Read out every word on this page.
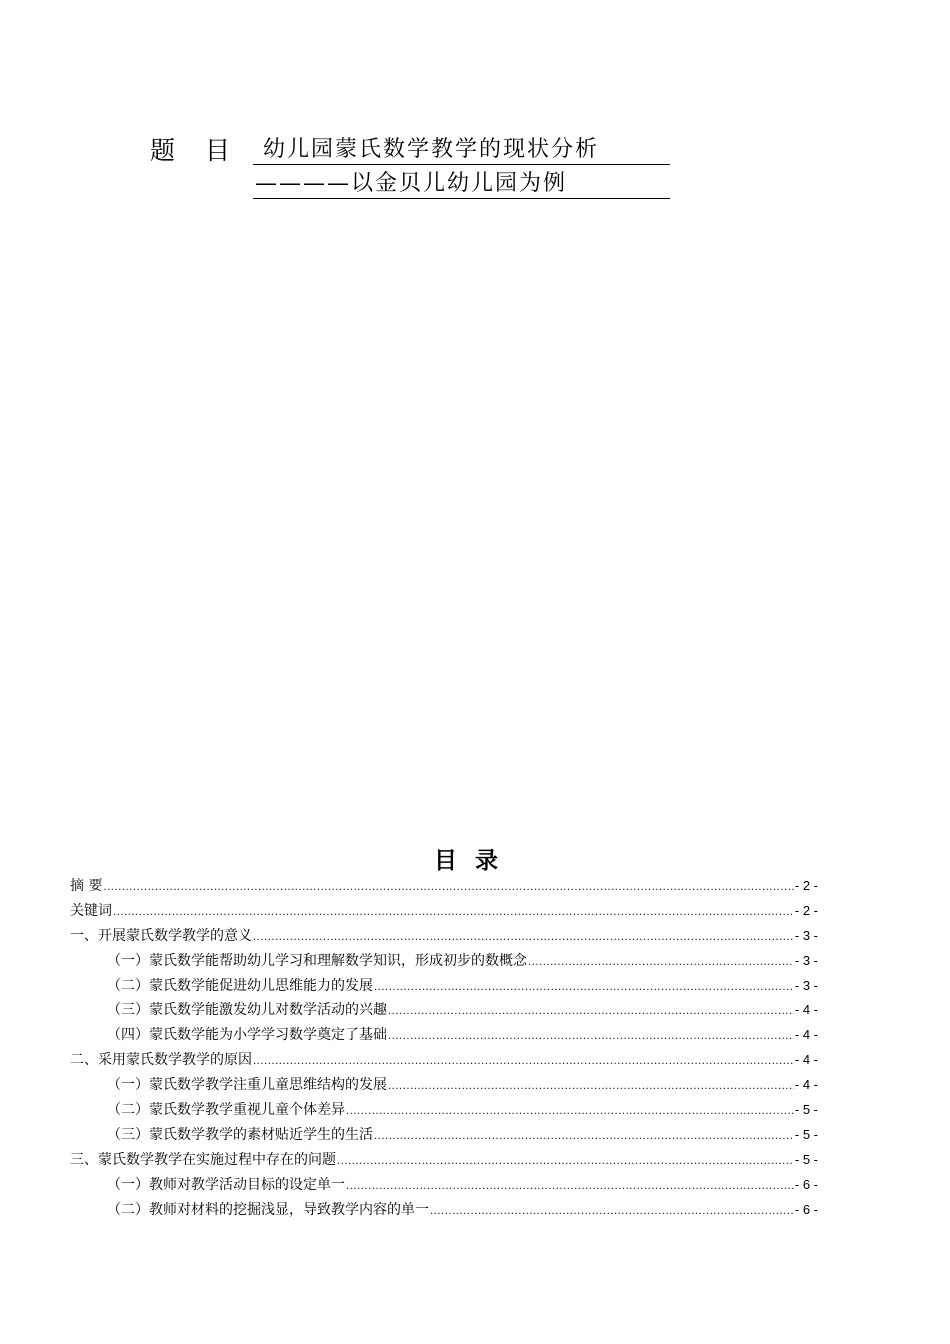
题目 幼儿园蒙氏数学教学的现状分析
————以金贝儿幼儿园为例
目录
摘 要 .....	- 2 -
关键词 .....	- 2 -
一、开展蒙氏数学教学的意义 .....	- 3 -
（一）蒙氏数学能帮助幼儿学习和理解数学知识，形成初步的数概念 .....	- 3 -
（二）蒙氏数学能促进幼儿思维能力的发展 .....	- 3 -
（三）蒙氏数学能激发幼儿对数学活动的兴趣 .....	- 4 -
（四）蒙氏数学能为小学学习数学奠定了基础 .....	- 4 -
二、采用蒙氏数学教学的原因 .....	- 4 -
（一）蒙氏数学教学注重儿童思维结构的发展 .....	- 4 -
（二）蒙氏数学教学重视儿童个体差异 .....	- 5 -
（三）蒙氏数学教学的素材贴近学生的生活 .....	- 5 -
三、蒙氏数学教学在实施过程中存在的问题 .....	- 5 -
（一）教师对教学活动目标的设定单一 .....	- 6 -
（二）教师对材料的挖掘浅显，导致教学内容的单一 .....	- 6 -
